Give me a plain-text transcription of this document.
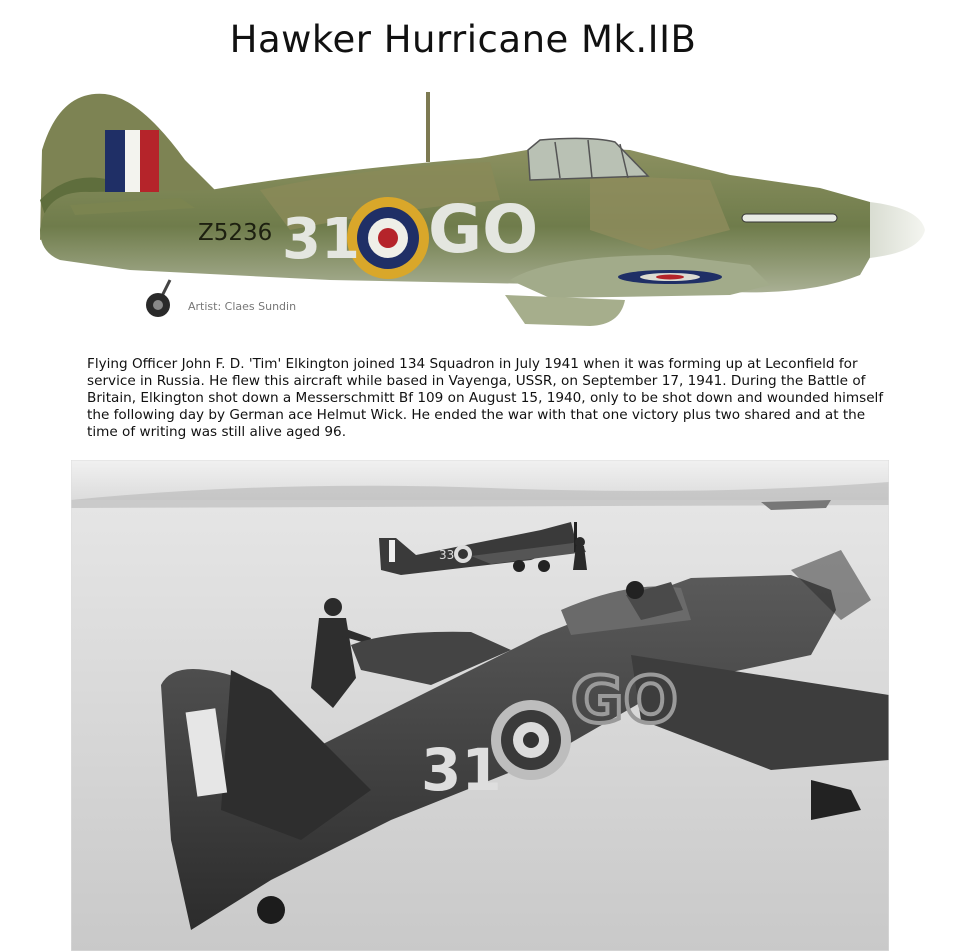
Hawker Hurricane Mk.IIB
Z5236 31 GO
Artist: Claes Sundin
Flying Officer John F. D. 'Tim' Elkington joined 134 Squadron in July 1941 when it was forming up at Leconfield for service in Russia. He flew this aircraft while based in Vayenga, USSR, on September 17, 1941. During the Battle of Britain, Elkington shot down a Messerschmitt Bf 109 on August 15, 1940, only to be shot down and wounded himself the following day by German ace Helmut Wick. He ended the war with that one victory plus two shared and at the time of writing was still alive aged 96.
33
31
GO
